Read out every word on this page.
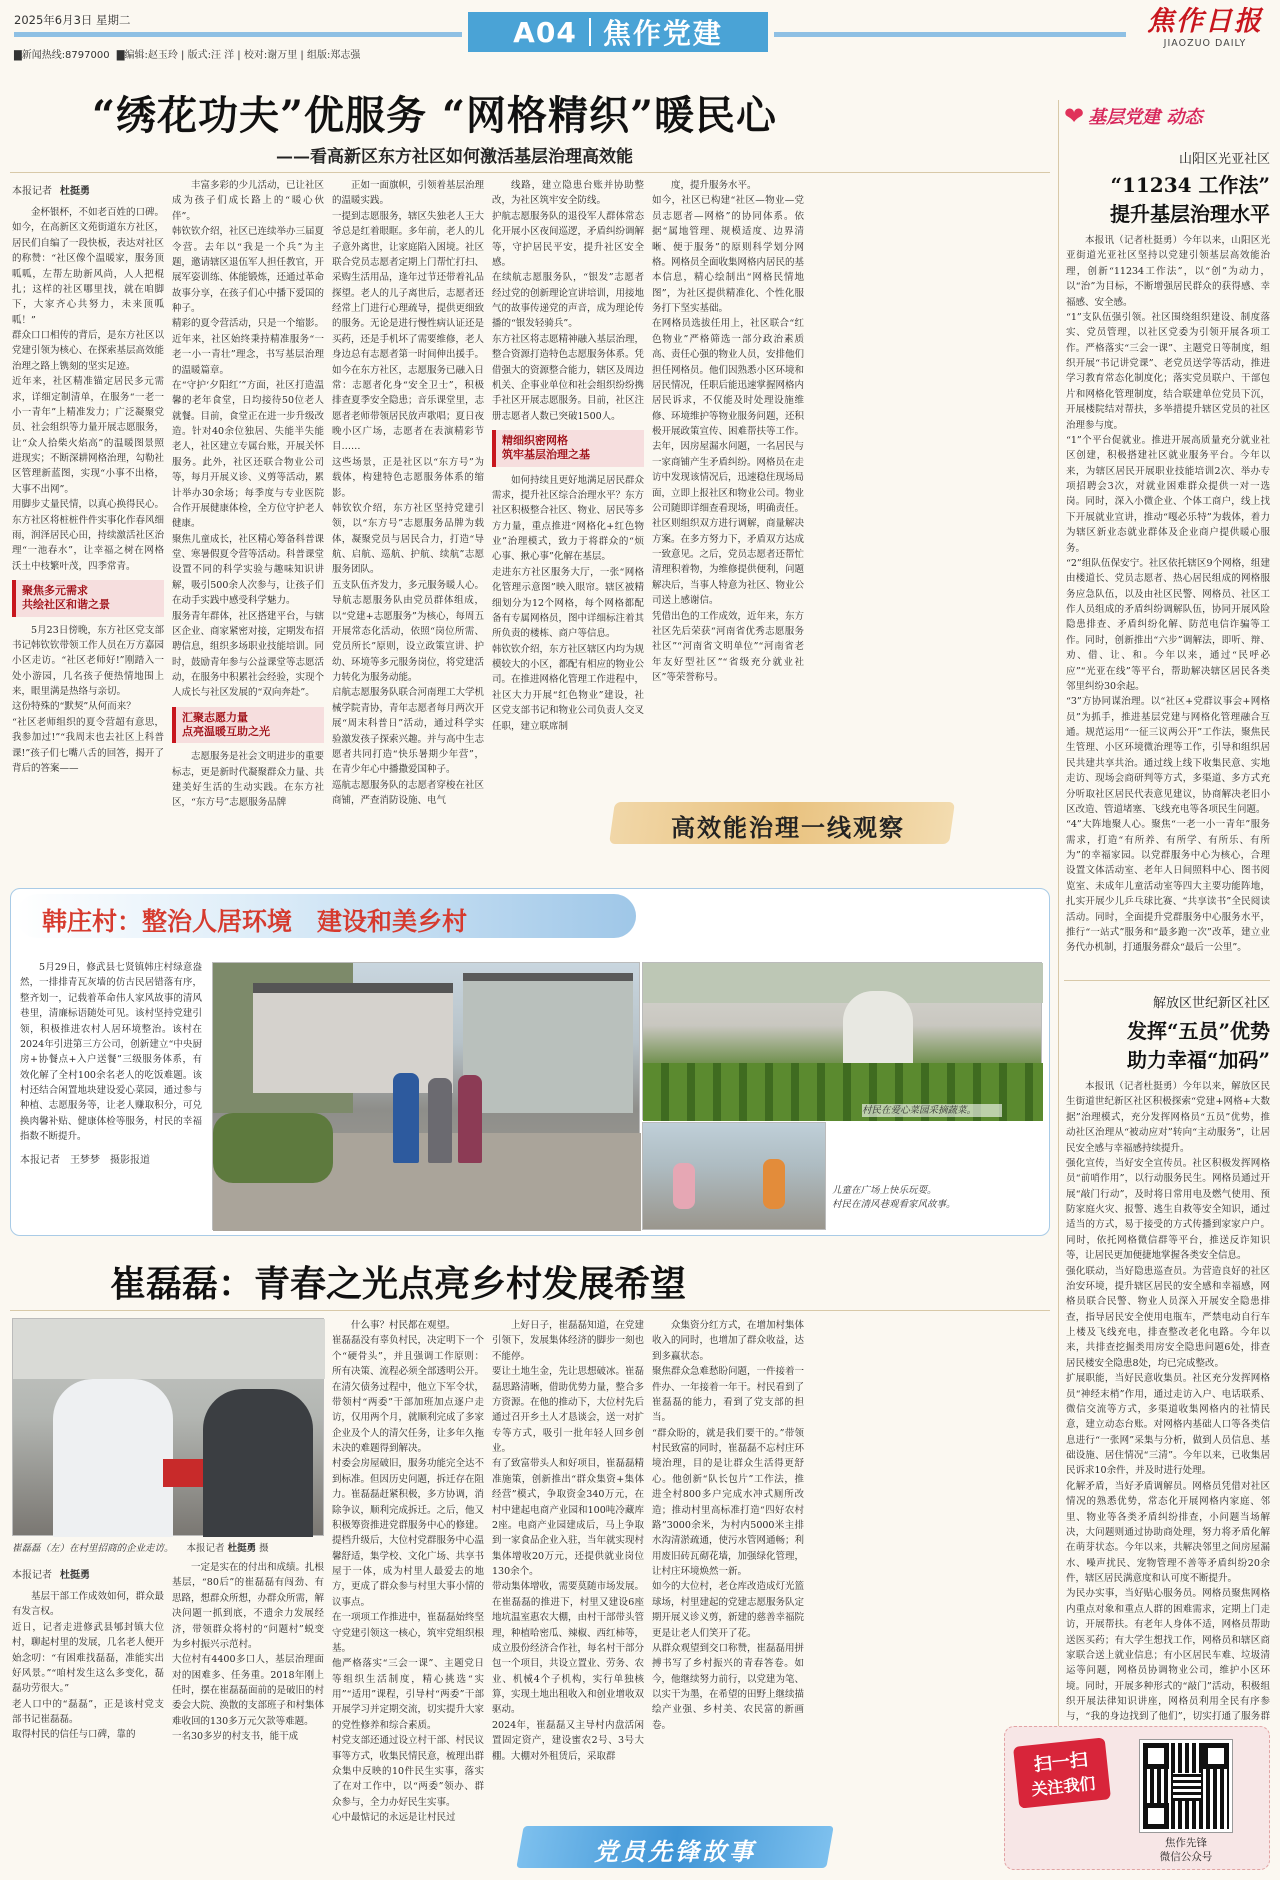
2025年6月3日 星期二	A04 焦作党建
▇新闻热线:8797000 ▇编辑:赵玉玲 | 版式:汪 洋 | 校对:谢万里 | 组版:郑志强
焦作日报
JIAOZUO DAILY
“绣花功夫”优服务 “网格精织”暖民心
——看高新区东方社区如何激活基层治理高效能
本报记者 杜挺勇
金杯银杯，不如老百姓的口碑。如今，在高新区文苑街道东方社区，居民们自编了一段快板，表达对社区的称赞：“社区像个温暖家，服务顶呱呱，左帮左助新风尚，人人把棍扎；这样的社区哪里找，就在咱脚下，大家齐心共努力，未来顶呱呱！”
群众口口相传的背后，是东方社区以党建引领为核心、在探索基层高效能治理之路上镌刻的坚实足迹。
近年来，社区精准锚定居民多元需求，详细定制清单，在服务“一老一小一青年”上精准发力；广泛凝聚党员、社会组织等力量开展志愿服务，让“众人拾柴火焰高”的温暖图景照进现实；不断深耕网格治理，勾勒社区管理新蓝图，实现“小事不出格，大事不出网”。
用脚步丈量民情，以真心换得民心。
东方社区将桩桩件件实事化作春风细雨，润泽居民心田，持续激活社区治理“一池春水”，让幸福之树在网格沃土中枝繁叶茂，四季常青。
聚焦多元需求
共绘社区和谐之景
5月23日傍晚，东方社区党支部书记韩钦钦带领工作人员在万方嘉园小区走访。“社区老师好!”刚踏入一处小游园，几名孩子便热情地围上来，眼里满是热络与亲切。
这份特殊的“默契”从何而来？
“社区老师组织的夏令营超有意思，我参加过!”“我周末也去社区上科普课!”孩子们七嘴八舌的回答，揭开了背后的答案——
丰富多彩的少儿活动，已让社区成为孩子们成长路上的“暖心伙伴”。
韩钦钦介绍，社区已连续举办三届夏令营。去年以“我是一个兵”为主题，邀请辖区退伍军人担任教官，开展军姿训练、体能锻炼，还通过革命故事分享，在孩子们心中播下爱国的种子。
精彩的夏令营活动，只是一个缩影。近年来，社区始终秉持精准服务“一老一小一青壮”理念，书写基层治理的温暖篇章。
在“守护‘夕阳红’”方面，社区打造温馨的老年食堂，日均接待50位老人就餐。目前，食堂正在进一步升级改造。针对40余位独居、失能半失能老人，社区建立专属台账，开展关怀服务。此外，社区还联合物业公司等，每月开展义诊、义剪等活动，累计举办30余场；每季度与专业医院合作开展健康体检，全方位守护老人健康。
聚焦儿童成长，社区精心筹备科普课堂、寒暑假夏令营等活动。科普课堂设置不同的科学实验与趣味知识讲解，吸引500余人次参与，让孩子们在动手实践中感受科学魅力。
服务青年群体，社区搭建平台，与辖区企业、商家紧密对接，定期发布招聘信息，组织多场职业技能培训。同时，鼓励青年参与公益课堂等志愿活动，在服务中积累社会经验，实现个人成长与社区发展的“双向奔赴”。
汇聚志愿力量
点亮温暖互助之光
志愿服务是社会文明进步的重要标志，更是新时代凝聚群众力量、共建美好生活的生动实践。在东方社区，“东方号”志愿服务品牌
正如一面旗帜，引领着基层治理的温暖实践。
一提到志愿服务，辖区失独老人王大爷总是红着眼眶。多年前，老人的儿子意外离世，让家庭陷入困境。社区联合党员志愿者定期上门帮忙打扫、采购生活用品，逢年过节还带着礼品探望。老人的儿子离世后，志愿者还经常上门进行心理疏导，提供更细致的服务。无论是进行慢性病认证还是买药，还是手机坏了需要维修，老人身边总有志愿者第一时间伸出援手。
如今在东方社区，志愿服务已融入日常：志愿者化身“安全卫士”，积极排查夏季安全隐患；音乐课堂里，志愿者老师带领居民放声歌唱；夏日夜晚小区广场，志愿者在表演精彩节目……
这些场景，正是社区以“东方号”为载体，构建特色志愿服务体系的缩影。
韩钦钦介绍，东方社区坚持党建引领，以“东方号”志愿服务品牌为载体，凝聚党员与居民合力，打造“导航、启航、巡航、护航、续航”志愿服务团队。
五支队伍齐发力，多元服务暖人心。
导航志愿服务队由党员群体组成，以“党建+志愿服务”为核心，每周五开展常态化活动，依照“岗位所需、党员所长”原则，设立政策宣讲、护幼、环境等多元服务岗位，将党建活力转化为服务动能。
启航志愿服务队联合河南理工大学机械学院青协，青年志愿者每月两次开展“周末科普日”活动，通过科学实验激发孩子探索兴趣。并与高中生志愿者共同打造“快乐暑期少年营”，在青少年心中播撒爱国种子。
巡航志愿服务队的志愿者穿梭在社区商铺，严查消防设施、电气
线路，建立隐患台账并协助整改，为社区筑牢安全防线。
护航志愿服务队的退役军人群体常态化开展小区夜间巡逻，矛盾纠纷调解等，守护居民平安，提升社区安全感。
在续航志愿服务队，“银发”志愿者经过党的创新理论宣讲培训，用接地气的故事传递党的声音，成为理论传播的“银发轻骑兵”。
东方社区将志愿精神融入基层治理，整合资源打造特色志愿服务体系。凭借强大的资源整合能力，辖区及周边机关、企事业单位和社会组织纷纷携手社区开展志愿服务。目前，社区注册志愿者人数已突破1500人。
精细织密网格
筑牢基层治理之基
如何持续且更好地满足居民群众需求，提升社区综合治理水平？东方社区积极整合社区、物业、居民等多方力量，重点推进“网格化+红色物业”治理模式，致力于将群众的“烦心事、揪心事”化解在基层。
走进东方社区服务大厅，一张“网格化管理示意图”映入眼帘。辖区被精细划分为12个网格，每个网格都配备有专属网格员，图中详细标注着其所负责的楼栋、商户等信息。
韩钦钦介绍，东方社区辖区内均为规模较大的小区，都配有相应的物业公司。在推进网格化管理工作进程中，社区大力开展“红色物业”建设，社区党支部书记和物业公司负责人交叉任职，建立联席制
度，提升服务水平。
如今，社区已构建“社区—物业—党员志愿者—网格”的协同体系。依据“属地管理、规模适度、边界清晰、便于服务”的原则科学划分网格。网格员全面收集网格内居民的基本信息，精心绘制出“网格民情地图”，为社区提供精准化、个性化服务打下坚实基础。
在网格员选拔任用上，社区联合“红色物业”严格筛选一部分政治素质高、责任心强的物业人员，安排他们担任网格员。他们因熟悉小区环境和居民情况，任职后能迅速掌握网格内居民诉求，不仅能及时处理设施维修、环境维护等物业服务问题，还积极开展政策宣传、困难帮扶等工作。
去年，因房屋漏水问题，一名居民与一家商铺产生矛盾纠纷。网格员在走访中发现该情况后，迅速稳住现场局面，立即上报社区和物业公司。物业公司随即详细查看现场，明确责任。社区则组织双方进行调解，商量解决方案。在多方努力下，矛盾双方达成一致意见。之后，党员志愿者还帮忙清理积着物，为维修提供便利，问题解决后，当事人特意为社区、物业公司送上感谢信。
凭借出色的工作成效，近年来，东方社区先后荣获“河南省优秀志愿服务社区”“河南省文明单位”“河南省老年友好型社区”“省级充分就业社区”等荣誉称号。
高效能治理一线观察
❤ 基层党建 动态
山阳区光亚社区
“11234 工作法”
提升基层治理水平
本报讯（记者杜挺勇）今年以来，山阳区光亚街道光亚社区坚持以党建引领基层高效能治理，创新“11234工作法”，以“创”为动力，以“治”为目标，不断增强居民群众的获得感、幸福感、安全感。
“1”支队伍强引领。社区围绕组织建设、制度落实、党员管理，以社区党委为引领开展各项工作。严格落实“三会一课”、主题党日等制度，组织开展“书记讲党课”、老党员送学等活动，推进学习教育常态化制度化；落实党员联户、干部包片和网格化管理制度，结合联建单位党员下沉，开展楼院结对帮扶，多举措提升辖区党员的社区治理参与度。
“1”个平台促就业。推进开展高质量充分就业社区创建，积极搭建社区就业服务平台。今年以来，为辖区居民开展职业技能培训2次、举办专项招聘会3次，对就业困难群众提供一对一选岗。同时，深入小微企业、个体工商户，线上找下开展就业宣讲，推动“嘎必乐特”为载体，着力为辖区新业态就业群体及企业商户提供暖心服务。
“2”组队伍保安宁。社区依托辖区9个网格，组建由楼道长、党员志愿者、热心居民组成的网格服务应急队伍，以及由社区民警、网格员、社区工作人员组成的矛盾纠纷调解队伍，协同开展风险隐患排查、矛盾纠纷化解、防范电信诈骗等工作。同时，创新推出“六步”调解法，即听、辩、劝、借、让、和。今年以来，通过“民呼必应”“光亚在线”等平台，帮助解决辖区居民各类邻里纠纷30余起。
“3”方协同谋治理。以“社区+党群议事会+网格员”为抓手，推进基层党建与网格化管理融合互通。规范运用“一征三议两公开”工作法，聚焦民生管理、小区环境微治理等工作，引导和组织居民共建共享共治。通过线上线下收集民意、实地走访、现场会商研判等方式，多渠道、多方式充分听取社区居民代表意见建议，协商解决老旧小区改造、管道堵塞、飞线充电等各项民生问题。
“4”大阵地聚人心。聚焦“一老一小一青年”服务需求，打造“有所养、有所学、有所乐、有所为”的幸福家园。以党群服务中心为核心，合理设置文体活动室、老年人日间照料中心、图书阅览室、未成年儿童活动室等四大主要功能阵地，扎实开展少儿乒乓球比赛、“共享读书”全民阅读活动。同时，全面提升党群服务中心服务水平，推行“一站式”服务和“最多跑一次”改革，建立业务代办机制，打通服务群众“最后一公里”。
解放区世纪新区社区
发挥“五员”优势
助力幸福“加码”
本报讯（记者杜挺勇）今年以来，解放区民生街道世纪新区社区积极探索“党建+网格+大数据”治理模式，充分发挥网格员“五员”优势，推动社区治理从“被动应对”转向“主动服务”，让居民安全感与幸福感持续提升。
强化宣传，当好安全宣传员。社区积极发挥网格员“前哨作用”，以行动服务民生。网格员通过开展“敲门行动”，及时将日常用电及燃气使用、预防家庭火灾、报警、逃生自救等安全知识，通过适当的方式，易于接受的方式传播到家家户户。同时，依托网格微信群等平台，推送反诈知识等，让居民更加便捷地掌握各类安全信息。
强化联动，当好隐患巡查员。为营造良好的社区治安环境，提升辖区居民的安全感和幸福感，网格员联合民警、物业人员深入开展安全隐患排查，指导居民安全使用电瓶车，严禁电动自行车上楼及飞线充电，排查整改老化电路。今年以来，共排查挖掘类用房安全隐患问题6处，排查居民楼安全隐患8处，均已完成整改。
扩展职能，当好民意收集员。社区充分发挥网格员“神经末梢”作用，通过走访入户、电话联系、微信交流等方式，多渠道收集网格内的社情民意，建立动态台账。对网格内基础人口等各类信息进行“一张网”采集与分析，做到人员信息、基础设施、居住情况“三清”。今年以来，已收集居民诉求10余件，并及时进行处理。
化解矛盾，当好矛盾调解员。网格员凭借对社区情况的熟悉优势，常态化开展网格内家庭、邻里、物业等各类矛盾纠纷排查，小问题当场解决，大问题则通过协助商处理，努力将矛盾化解在萌芽状态。今年以来，共解决邻里之间房屋漏水、噪声扰民、宠物管理不善等矛盾纠纷20余件，辖区居民满意度和认可度不断提升。
为民办实事，当好贴心服务员。网格员聚焦网格内重点对象和重点人群的困难需求，定期上门走访，开展帮扶。有老年人身体不适，网格员帮助送医买药；有大学生想找工作，网格员和辖区商家联合送上就业信息；有小区居民车难、垃圾清运等问题，网格员协调物业公司，维护小区环境。同时，开展多种形式的“敲门”活动，积极组织开展法律知识讲座，网格员利用全民有序参与，“我的身边找到了他们”，切实打通了服务群
扫一扫
关注我们
焦作先锋
微信公众号
韩庄村：整治人居环境　建设和美乡村
5月29日，修武县七贤镇韩庄村绿意盎然，一排排青瓦灰墙的仿古民居错落有序，整齐划一，记载着革命伟人家风故事的清风巷里，清廉标语随处可见。该村坚持党建引领，积极推进农村人居环境整治。该村在2024年引进第三方公司，创新建立“中央厨房+协餐点+入户送餐”三级服务体系，有效化解了全村100余名老人的吃饭难题。该村还结合闲置地块建设爱心菜园，通过参与种植、志愿服务等，让老人赚取积分，可兑换肉馨补贴、健康体检等服务，村民的幸福指数不断提升。
本报记者　王梦梦　摄影报道
儿童在广场上快乐玩耍。
村民在清风巷观看家风故事。
村民在爱心菜园采摘蔬菜。
崔磊磊：青春之光点亮乡村发展希望
崔磊磊（左）在村里招商的企业走访。 本报记者 杜挺勇 摄
本报记者 杜挺勇
基层干部工作成效如何，群众最有发言权。
近日，记者走进修武县郇封镇大位村，聊起村里的发展，几名老人便开始念叨：“有困难找磊磊，准能实出好风景。”“咱村发生这么多变化，磊磊功劳很大。”
老人口中的“磊磊”，正是该村党支部书记崔磊磊。
取得村民的信任与口碑，靠的
一定是实在的付出和成绩。扎根基层，“80后”的崔磊磊有闯劲、有思路，想群众所想，办群众所需，解决问题一抓到底，不遗余力发展经济，带领群众将村的“问题村”蜕变为乡村振兴示范村。
大位村有4400多口人，基层治理面对的困难多、任务重。2018年刚上任时，摆在崔磊磊面前的是破旧的村委会大院、涣散的支部班子和村集体难收回的130多万元欠款等难题。
一名30多岁的村支书，能干成
什么事？村民都在观望。
崔磊磊没有辜负村民，决定明下一个个“硬骨头”，并且强调工作原则：所有决策、流程必须全部透明公开。
在清欠债务过程中，他立下军令状，带领村“两委”干部加班加点逐户走访，仅用两个月，就顺利完成了多家企业及个人的清欠任务，让多年久拖未决的难题得到解决。
村委会房屋破旧，服务功能完全达不到标准。但因历史问题，拆迁存在阻力。崔磊磊赶紧积极，多方协调，消除争议，顺利完成拆迁。之后，他又积极筹资推进党群服务中心的修建。提档升级后，大位村党群服务中心温馨舒适，集学校、文化广场、共享书屋于一体，成为村里人最爱去的地方，更成了群众参与村里大事小情的议事点。
在一项项工作推进中，崔磊磊始终坚守党建引领这一核心，筑牢党组织根基。
他严格落实“三会一课”、主题党日等组织生活制度，精心挑选“实用”“适用”课程，引导村“两委”干部开展学习并定期交流，切实提升大家的党性修养和综合素质。
村党支部还通过设立村干部、村民议事等方式，收集民情民意，梳理出群众集中反映的10件民生实事，落实了在对工作中，以“两委”领办、群众参与，全力办好民生实事。
心中最惦记的永远是让村民过
上好日子，崔磊磊知道，在党建引领下，发展集体经济的脚步一刻也不能停。
要让土地生金，先让思想破冰。崔磊磊思路清晰，借助优势力量，整合多方资源。在他的推动下，大位村先后通过召开乡土人才恳谈会，送一对扩专等方式，吸引一批年轻人回乡创业。
有了致富带头人和好项目，崔磊磊精准施策，创新推出“群众集资+集体经营”模式，争取资金340万元，在村中建起电商产业园和100吨冷藏库2座。电商产业园建成后，马上争取到一家食品企业入驻，当年就实现村集体增收20万元，还提供就业岗位130余个。
带动集体增收，需要莫随市场发展。在崔磊磊的推进下，村里又建设6座地坑温室惠农大棚，由村干部带头管理，种植哈密瓜、辣椒、西红柿等，成立股份经济合作社，每名村干部分包一个项目，共设立置业、劳务、农业、机械4个子机构，实行单独核算，实现土地出租收入和创业增收双驱动。
2024年，崔磊磊又主导村内盘活闲置固定资产，建设蜜农2号、3号大棚。大棚对外租赁后，采取群
众集资分红方式，在增加村集体收入的同时，也增加了群众收益，达到多赢状态。
聚焦群众急难愁盼问题，一件接着一件办、一年接着一年干。村民看到了崔磊磊的能力，看到了党支部的担当。
“群众盼的，就是我们要干的。”带领村民致富的同时，崔磊磊不忘村庄环境治理，目的是让群众生活得更舒心。他创新“队长包片”工作法，推进全村800多户完成水冲式厕所改造；推动村里高标准打造“四好农村路”3000余米，为村内5000米主排水沟清淤疏通，使污水管网通畅；利用废旧砖瓦砌花墙，加强绿化管理，让村庄环境焕然一新。
如今的大位村，老仓库改造成灯光篮球场，村里建起的党建志愿服务队定期开展义诊义剪，新建的慈善幸福院更是让老人们笑开了花。
从群众观望到交口称赞，崔磊磊用拼搏书写了乡村振兴的青春答卷。如今，他继续努力前行，以党建为笔、以实干为墨，在希望的田野上继续描绘产业强、乡村美、农民富的新画卷。
党员先锋故事
